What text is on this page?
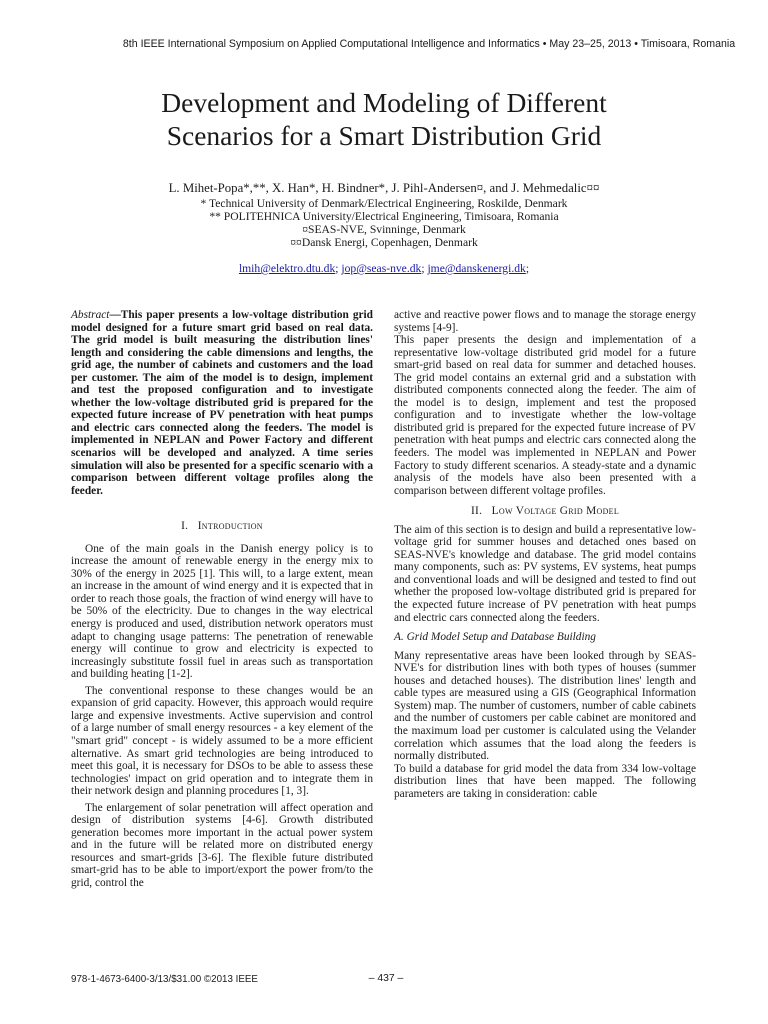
8th IEEE International Symposium on Applied Computational Intelligence and Informatics • May 23–25, 2013 • Timisoara, Romania
Development and Modeling of Different
Scenarios for a Smart Distribution Grid
L. Mihet-Popa*,**, X. Han*, H. Bindner*, J. Pihl-Andersen¤, and J. Mehmedalic¤¤
* Technical University of Denmark/Electrical Engineering, Roskilde, Denmark
** POLITEHNICA University/Electrical Engineering, Timisoara, Romania
¤SEAS-NVE, Svinninge, Denmark
¤¤Dansk Energi, Copenhagen, Denmark
lmih@elektro.dtu.dk; jop@seas-nve.dk; jme@danskenergi.dk;

Abstract—This paper presents a low-voltage distribution grid model designed for a future smart grid based on real data. The grid model is built measuring the distribution lines' length and considering the cable dimensions and lengths, the grid age, the number of cabinets and customers and the load per customer. The aim of the model is to design, implement and test the proposed configuration and to investigate whether the low-voltage distributed grid is prepared for the expected future increase of PV penetration with heat pumps and electric cars connected along the feeders. The model is implemented in NEPLAN and Power Factory and different scenarios will be developed and analyzed. A time series simulation will also be presented for a specific scenario with a comparison between different voltage profiles along the feeder.

I. Introduction

One of the main goals in the Danish energy policy is to increase the amount of renewable energy in the energy mix to 30% of the energy in 2025 [1]. This will, to a large extent, mean an increase in the amount of wind energy and it is expected that in order to reach those goals, the fraction of wind energy will have to be 50% of the electricity. Due to changes in the way electrical energy is produced and used, distribution network operators must adapt to changing usage patterns: The penetration of renewable energy will continue to grow and electricity is expected to increasingly substitute fossil fuel in areas such as transportation and building heating [1-2].

The conventional response to these changes would be an expansion of grid capacity. However, this approach would require large and expensive investments. Active supervision and control of a large number of small energy resources - a key element of the "smart grid" concept - is widely assumed to be a more efficient alternative. As smart grid technologies are being introduced to meet this goal, it is necessary for DSOs to be able to assess these technologies' impact on grid operation and to integrate them in their network design and planning procedures [1, 3].

The enlargement of solar penetration will affect operation and design of distribution systems [4-6]. Growth distributed generation becomes more important in the actual power system and in the future will be related more on distributed energy resources and smart-grids [3-6]. The flexible future distributed smart-grid has to be able to import/export the power from/to the grid, control the

active and reactive power flows and to manage the storage energy systems [4-9].

This paper presents the design and implementation of a representative low-voltage distributed grid model for a future smart-grid based on real data for summer and detached houses. The grid model contains an external grid and a substation with distributed components connected along the feeder. The aim of the model is to design, implement and test the proposed configuration and to investigate whether the low-voltage distributed grid is prepared for the expected future increase of PV penetration with heat pumps and electric cars connected along the feeders. The model was implemented in NEPLAN and Power Factory to study different scenarios. A steady-state and a dynamic analysis of the models have also been presented with a comparison between different voltage profiles.

II. Low Voltage Grid Model

The aim of this section is to design and build a representative low-voltage grid for summer houses and detached ones based on SEAS-NVE's knowledge and database. The grid model contains many components, such as: PV systems, EV systems, heat pumps and conventional loads and will be designed and tested to find out whether the proposed low-voltage distributed grid is prepared for the expected future increase of PV penetration with heat pumps and electric cars connected along the feeders.

A. Grid Model Setup and Database Building

Many representative areas have been looked through by SEAS-NVE's for distribution lines with both types of houses (summer houses and detached houses). The distribution lines' length and cable types are measured using a GIS (Geographical Information System) map. The number of customers, number of cable cabinets and the number of customers per cable cabinet are monitored and the maximum load per customer is calculated using the Velander correlation which assumes that the load along the feeders is normally distributed.

To build a database for grid model the data from 334 low-voltage distribution lines that have been mapped. The following parameters are taking in consideration: cable

978-1-4673-6400-3/13/$31.00 ©2013 IEEE	– 437 –
